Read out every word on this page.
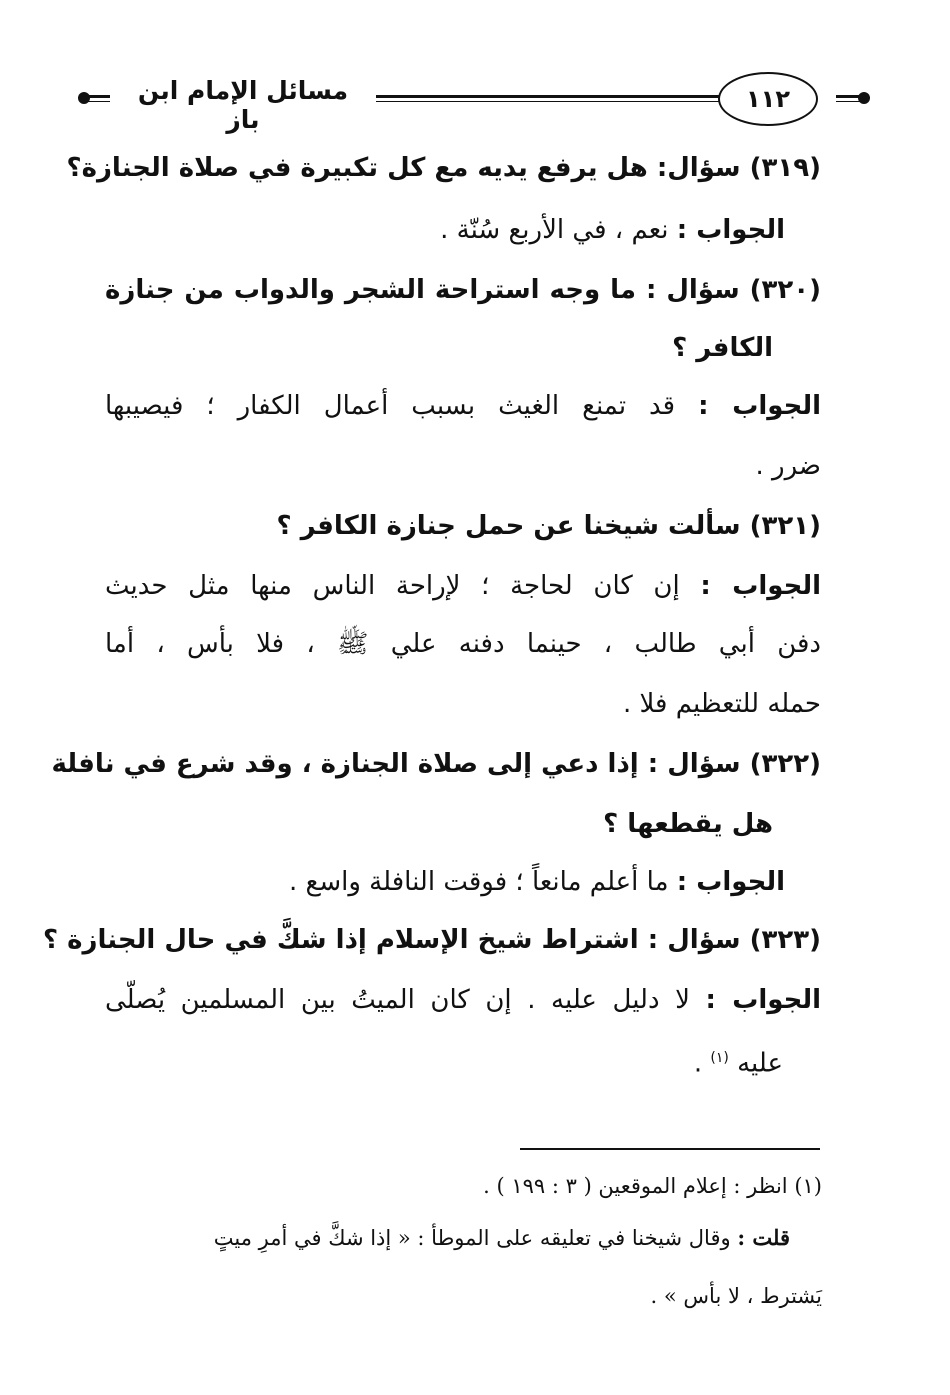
مسائل الإمام ابن باز
١١٢
(٣١٩) سؤال: هل يرفع يديه مع كل تكبيرة في صلاة الجنازة؟
الجواب : نعم ، في الأربع سُنّة .
(٣٢٠) سؤال : ما وجه استراحة الشجر والدواب من جنازة
الكافر ؟
الجواب : قد تمنع الغيث بسبب أعمال الكفار ؛ فيصيبها
ضرر .
(٣٢١) سألت شيخنا عن حمل جنازة الكافر ؟
الجواب : إن كان لحاجة ؛ لإراحة الناس منها مثل حديث
دفن أبي طالب ، حينما دفنه علي ﷺ ، فلا بأس ، أما
حمله للتعظيم فلا .
(٣٢٢) سؤال : إذا دعي إلى صلاة الجنازة ، وقد شرع في نافلة
هل يقطعها ؟
الجواب : ما أعلم مانعاً ؛ فوقت النافلة واسع .
(٣٢٣) سؤال : اشتراط شيخ الإسلام إذا شكَّ في حال الجنازة ؟
الجواب : لا دليل عليه . إن كان الميتُ بين المسلمين يُصلّى
عليه $^{(١)}$ .
(١) انظر : إعلام الموقعين ( ٣ : ١٩٩ ) .
قلت : وقال شيخنا في تعليقه على الموطأ : « إذا شكَّ في أمرِ ميتٍ
يَشترط ، لا بأس » .
